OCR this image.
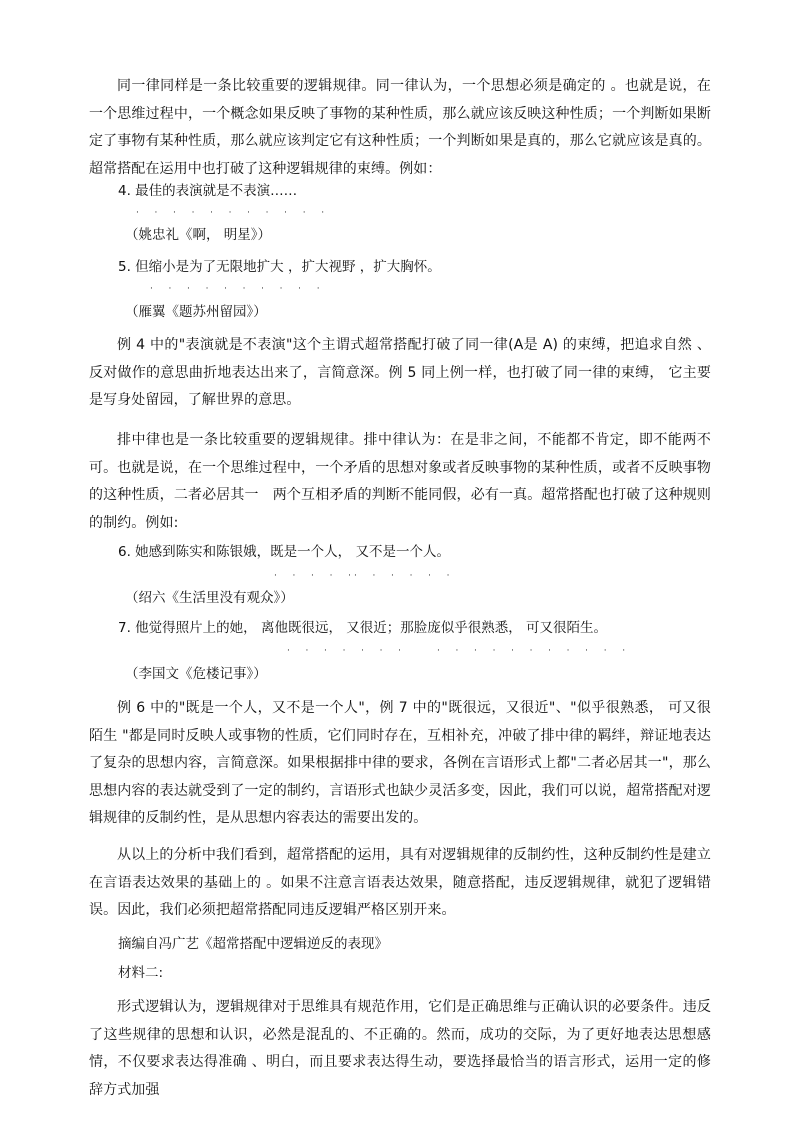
同一律同样是一条比较重要的逻辑规律。同一律认为，一个思想必须是确定的 。也就是说，在一个思维过程中，一个概念如果反映了事物的某种性质，那么就应该反映这种性质；一个判断如果断定了事物有某种性质，那么就应该判定它有这种性质；一个判断如果是真的，那么它就应该是真的。超常搭配在运用中也打破了这种逻辑规律的束缚。例如：

4. 最佳的表演就是不表演……

· · · · · · · · · · ·

（姚忠礼《啊， 明星》）

5. 但缩小是为了无限地扩大 ，扩大视野 ，扩大胸怀。

· · · · · · · · · ·

（雁翼《题苏州留园》）

例 4 中的"表演就是不表演"这个主谓式超常搭配打破了同一律(A是 A) 的束缚，把追求自然 、反对做作的意思曲折地表达出来了，言简意深。例 5 同上例一样，也打破了同一律的束缚， 它主要是写身处留园，了解世界的意思。

排中律也是一条比较重要的逻辑规律。排中律认为：在是非之间，不能都不肯定，即不能两不可。也就是说，在一个思维过程中，一个矛盾的思想对象或者反映事物的某种性质，或者不反映事物的这种性质，二者必居其一　两个互相矛盾的判断不能同假，必有一真。超常搭配也打破了这种规则的制约。例如:

6. 她感到陈实和陈银娥，既是一个人， 又不是一个人。

· · · · ·
· · · · · ·

（绍六《生活里没有观众》）

7. 他觉得照片上的她， 离他既很远， 又很近；那脸庞似乎很熟悉， 可又很陌生。

· · · · · · ·	· · · · · · · · · · ·

（李国文《危楼记事》）

例 6 中的"既是一个人，又不是一个人"，例 7 中的"既很远，又很近"、"似乎很熟悉， 可又很陌生 "都是同时反映人或事物的性质，它们同时存在，互相补充，冲破了排中律的羁绊，辩证地表达了复杂的思想内容，言简意深。如果根据排中律的要求，各例在言语形式上都"二者必居其一"，那么思想内容的表达就受到了一定的制约，言语形式也缺少灵活多变，因此，我们可以说，超常搭配对逻辑规律的反制约性，是从思想内容表达的需要出发的。

从以上的分析中我们看到，超常搭配的运用，具有对逻辑规律的反制约性，这种反制约性是建立在言语表达效果的基础上的 。如果不注意言语表达效果，随意搭配，违反逻辑规律，就犯了逻辑错误。因此，我们必须把超常搭配同违反逻辑严格区别开来。

摘编自冯广艺《超常搭配中逻辑逆反的表现》

材料二:

形式逻辑认为，逻辑规律对于思维具有规范作用，它们是正确思维与正确认识的必要条件。违反了这些规律的思想和认识，必然是混乱的、不正确的。然而，成功的交际，为了更好地表达思想感情，不仅要求表达得准确 、明白，而且要求表达得生动，要选择最恰当的语言形式，运用一定的修辞方式加强
